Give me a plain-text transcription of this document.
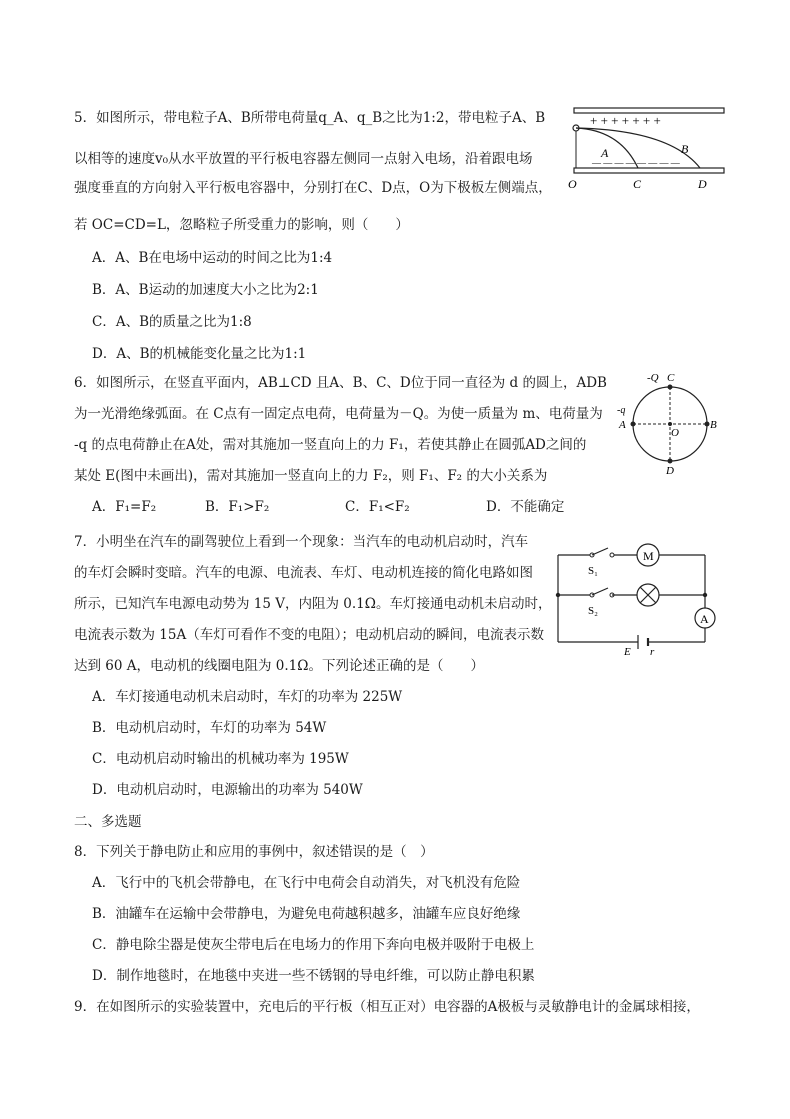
5．如图所示，带电粒子A、B所带电荷量q_A、q_B之比为1:2，带电粒子A、B
以相等的速度v₀从水平放置的平行板电容器左侧同一点射入电场，沿着跟电场
强度垂直的方向射入平行板电容器中，分别打在C、D点，O为下极板左侧端点，
若 OC=CD=L，忽略粒子所受重力的影响，则（　　）
A．A、B在电场中运动的时间之比为1:4
B．A、B运动的加速度大小之比为2:1
C．A、B的质量之比为1:8
D．A、B的机械能变化量之比为1:1
+ + + + + + +
— — — — — — — —
A	B
O	C	D
6．如图所示，在竖直平面内，AB⊥CD 且A、B、C、D位于同一直径为 d 的圆上，ADB
为一光滑绝缘弧面。在 C点有一固定点电荷，电荷量为－Q。为使一质量为 m、电荷量为
-q 的点电荷静止在A处，需对其施加一竖直向上的力 F₁，若使其静止在圆弧AD之间的
某处 E(图中未画出)，需对其施加一竖直向上的力 F₂，则 F₁、F₂ 的大小关系为
A．F₁=F₂	B．F₁>F₂	C．F₁<F₂	D．不能确定
-Q C
-q
A
O
B
D
7．小明坐在汽车的副驾驶位上看到一个现象：当汽车的电动机启动时，汽车
的车灯会瞬时变暗。汽车的电源、电流表、车灯、电动机连接的简化电路如图
所示，已知汽车电源电动势为 15 V，内阻为 0.1Ω。车灯接通电动机未启动时，
电流表示数为 15A（车灯可看作不变的电阻）；电动机启动的瞬间，电流表示数
达到 60 A，电动机的线圈电阻为 0.1Ω。下列论述正确的是（　　）
A．车灯接通电动机未启动时，车灯的功率为 225W
B．电动机启动时，车灯的功率为 54W
C．电动机启动时输出的机械功率为 195W
D．电动机启动时，电源输出的功率为 540W
S₁
M
S₂
A
E r
二、多选题
8．下列关于静电防止和应用的事例中，叙述错误的是（　）
A．飞行中的飞机会带静电，在飞行中电荷会自动消失，对飞机没有危险
B．油罐车在运输中会带静电，为避免电荷越积越多，油罐车应良好绝缘
C．静电除尘器是使灰尘带电后在电场力的作用下奔向电极并吸附于电极上
D．制作地毯时，在地毯中夹进一些不锈钢的导电纤维，可以防止静电积累
9．在如图所示的实验装置中，充电后的平行板（相互正对）电容器的A极板与灵敏静电计的金属球相接，
